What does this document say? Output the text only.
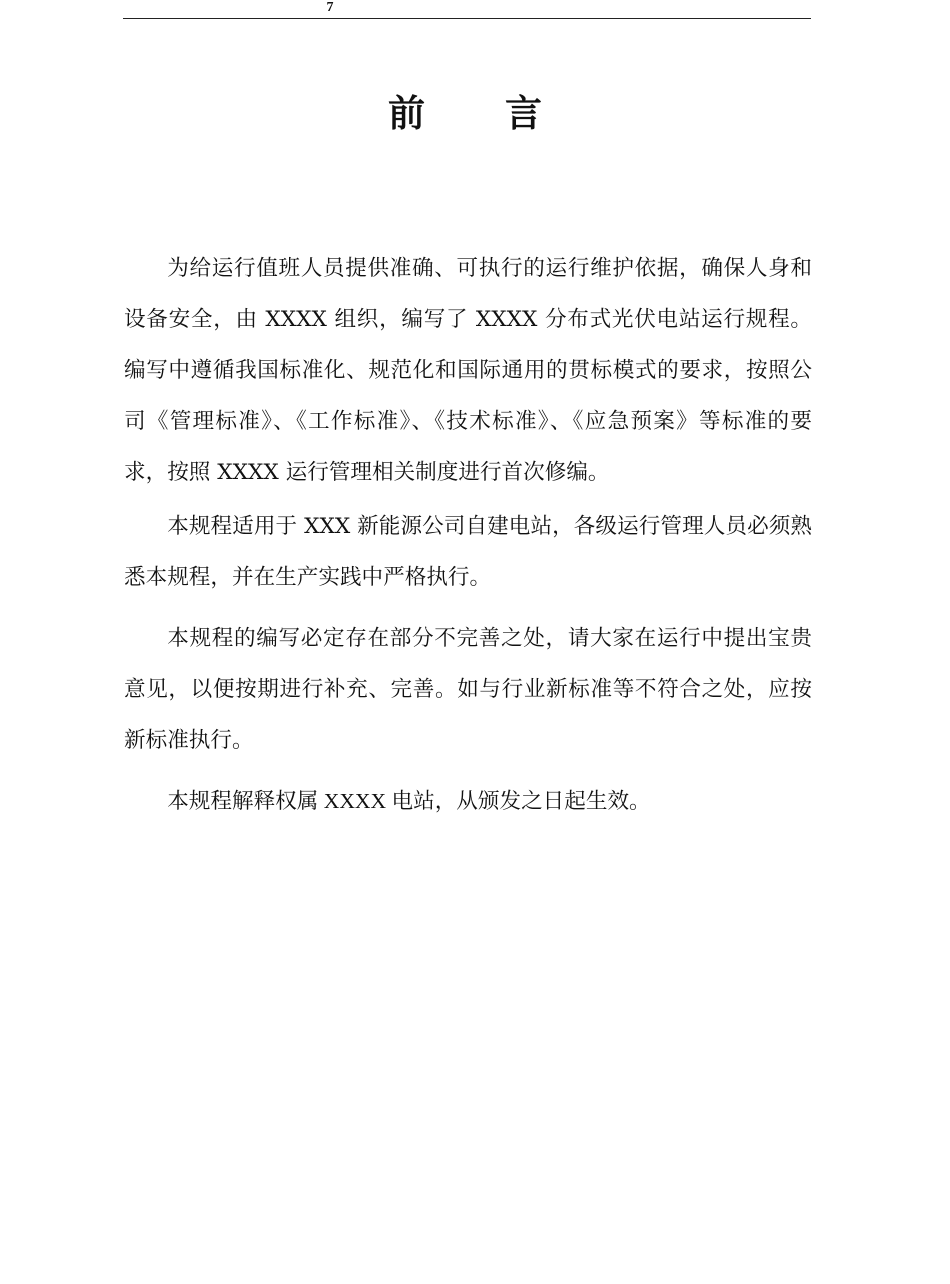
7
前　　言

为给运行值班人员提供准确、可执行的运行维护依据，确保人身和设备安全，由 XXXX 组织，编写了 XXXX 分布式光伏电站运行规程。编写中遵循我国标准化、规范化和国际通用的贯标模式的要求，按照公司《管理标准》、《工作标准》、《技术标准》、《应急预案》等标准的要求，按照 XXXX 运行管理相关制度进行首次修编。

本规程适用于 XXX 新能源公司自建电站，各级运行管理人员必须熟悉本规程，并在生产实践中严格执行。

本规程的编写必定存在部分不完善之处，请大家在运行中提出宝贵意见，以便按期进行补充、完善。如与行业新标准等不符合之处，应按新标准执行。

本规程解释权属 XXXX 电站，从颁发之日起生效。
